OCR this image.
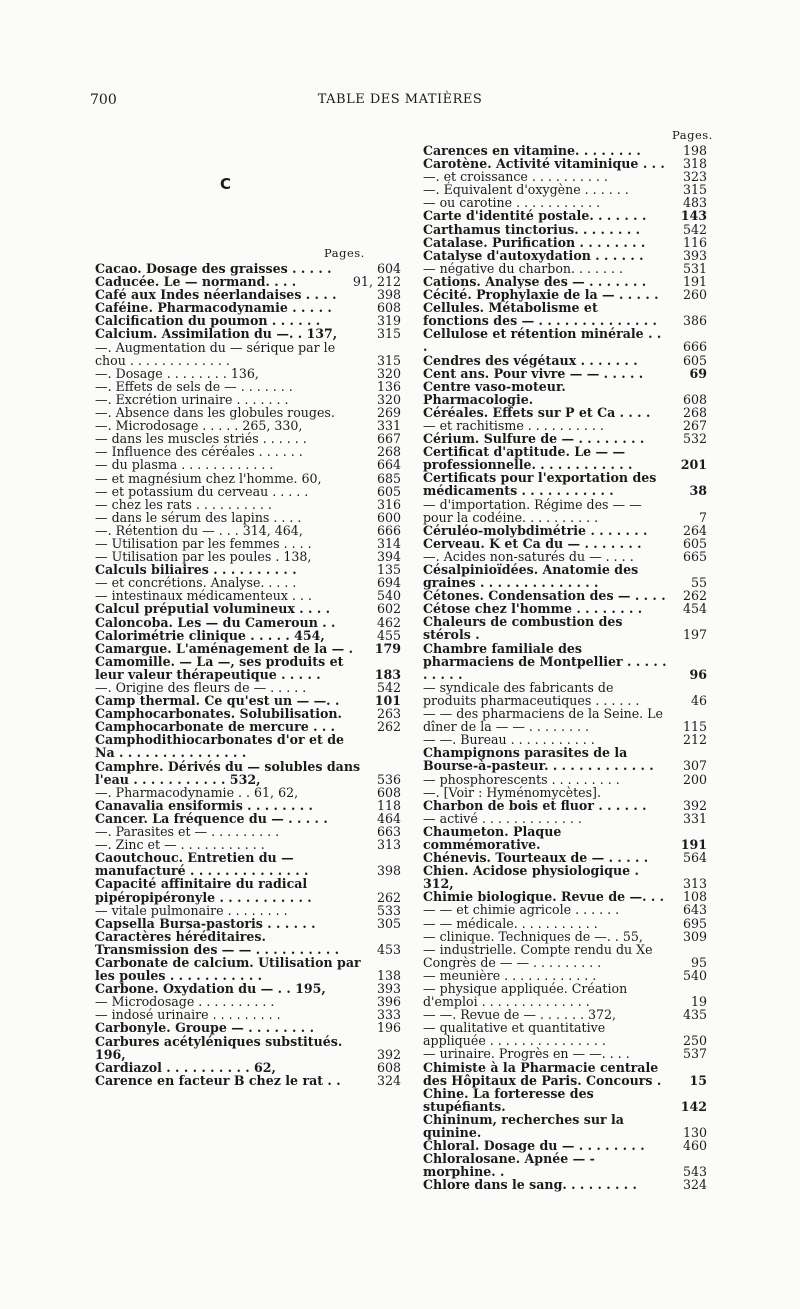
700	TABLE DES MATIÈRES
C
Pages.
Pages.
Cacao. Dosage des graisses . . . . .	604
Caducée. Le — normand. . . .	91, 212
Café aux Indes néerlandaises . . . .	398
Caféine. Pharmacodynamie . . . . .	608
Calcification du poumon . . . . . .	319
Calcium. Assimilation du —. . 137,	315
—. Augmentation du — sérique par le chou . . . . . . . . . . . . .	315
—. Dosage . . . . . . . . 136,	320
—. Effets de sels de — . . . . . . .	136
—. Excrétion urinaire . . . . . . .	320
—. Absence dans les globules rouges.	269
—. Microdosage . . . . . 265, 330,	331
— dans les muscles striés . . . . . .	667
— Influence des céréales . . . . . .	268
— du plasma . . . . . . . . . . . .	664
— et magnésium chez l'homme. 60,	685
— et potassium du cerveau . . . . .	605
— chez les rats . . . . . . . . . .	316
— dans le sérum des lapins . . . .	600
—. Rétention du — . . . 314, 464,	666
— Utilisation par les femmes . . . .	314
— Utilisation par les poules . 138,	394
Calculs biliaires . . . . . . . . . .	135
— et concrétions. Analyse. . . . .	694
— intestinaux médicamenteux . . .	540
Calcul préputial volumineux . . . .	602
Caloncoba. Les — du Cameroun . .	462
Calorimétrie clinique . . . . . 454,	455
Camargue. L'aménagement de la — .	179
Camomille. — La —, ses produits et leur valeur thérapeutique . . . . .	183
—. Origine des fleurs de — . . . . .	542
Camp thermal. Ce qu'est un — —. .	101
Camphocarbonates. Solubilisation.	263
Camphocarbonate de mercure . . .	262
Camphodithiocarbonates d'or et de Na . . . . . . . . . . . . . . .
Camphre. Dérivés du — solubles dans l'eau . . . . . . . . . . . 532,	536
—. Pharmacodynamie . . 61, 62,	608
Canavalia ensiformis . . . . . . . .	118
Cancer. La fréquence du — . . . . .	464
—. Parasites et — . . . . . . . . .	663
—. Zinc et — . . . . . . . . . . .	313
Caoutchouc. Entretien du — manufacturé . . . . . . . . . . . . . .	398
Capacité affinitaire du radical pipéropipéronyle . . . . . . . . . . .	262
— vitale pulmonaire . . . . . . . .	533
Capsella Bursa-pastoris . . . . . .	305
Caractères héréditaires. Transmission des — — . . . . . . . . . .	453
Carbonate de calcium. Utilisation par les poules . . . . . . . . . . .	138
Carbone. Oxydation du — . . 195,	393
— Microdosage . . . . . . . . . .	396
— indosé urinaire . . . . . . . . .	333
Carbonyle. Groupe — . . . . . . . .	196
Carbures acétyléniques substitués. 196,	392
Cardiazol . . . . . . . . . . 62,	608
Carence en facteur B chez le rat . .	324
Carences en vitamine. . . . . . . .	198
Carotène. Activité vitaminique . . . 318
—. et croissance . . . . . . . . . .	323
—. Équivalent d'oxygène . . . . . .	315
— ou carotine . . . . . . . . . . .	483
Carte d'identité postale. . . . . . .	143
Carthamus tinctorius. . . . . . . .	542
Catalase. Purification . . . . . . . .	116
Catalyse d'autoxydation . . . . . .	393
— négative du charbon. . . . . . .	531
Cations. Analyse des — . . . . . . .	191
Cécité. Prophylaxie de la — . . . . .	260
Cellules. Métabolisme et fonctions des — . . . . . . . . . . . . . .	386
Cellulose et rétention minérale . . .	666
Cendres des végétaux . . . . . . .	605
Cent ans. Pour vivre — — . . . . .	69
Centre vaso-moteur. Pharmacologie.	608
Céréales. Effets sur P et Ca . . . .	268
— et rachitisme . . . . . . . . . .	267
Cérium. Sulfure de — . . . . . . . .	532
Certificat d'aptitude. Le — — professionnelle. . . . . . . . . . . .	201
Certificats pour l'exportation des médicaments . . . . . . . . . . .	38
— d'importation. Régime des — — pour la codéine. . . . . . . . . .	7
Céruléo-molybdimétrie . . . . . . .	264
Cerveau. K et Ca du — . . . . . . .	605
—. Acides non-saturés du — . . . .	665
Césalpinioïdées. Anatomie des graines . . . . . . . . . . . . . .	55
Cétones. Condensation des — . . . . 262
Cétose chez l'homme . . . . . . . .	454
Chaleurs de combustion des stérols .	197
Chambre familiale des pharmaciens de Montpellier . . . . . . . . . .	96
— syndicale des fabricants de produits pharmaceutiques . . . . . .	46
— — des pharmaciens de la Seine. Le dîner de la — — . . . . . . . .	115
— —. Bureau . . . . . . . . . . .	212
Champignons parasites de la Bourse-à-pasteur. . . . . . . . . . . . .	307
— phosphorescents . . . . . . . . .	200
—. [Voir : Hyménomycètes].
Charbon de bois et fluor . . . . . .	392
— activé . . . . . . . . . . . . .	331
Chaumeton. Plaque commémorative.	191
Chénevis. Tourteaux de — . . . . .	564
Chien. Acidose physiologique . 312,	313
Chimie biologique. Revue de —. . . 108
— — et chimie agricole . . . . . .	643
— — médicale. . . . . . . . . . .	695
— clinique. Techniques de —. . 55,	309
— industrielle. Compte rendu du Xe Congrès de — — . . . . . . . . .	95
— meunière . . . . . . . . . . . .	540
— physique appliquée. Création d'emploi . . . . . . . . . . . . . .	19
— —. Revue de — . . . . . . 372,	435
— qualitative et quantitative appliquée . . . . . . . . . . . . . . .	250
— urinaire. Progrès en — —. . . .	537
Chimiste à la Pharmacie centrale des Hôpitaux de Paris. Concours .	15
Chine. La forteresse des stupéfiants.	142
Chininum, recherches sur la quinine.	130
Chloral. Dosage du — . . . . . . . .	460
Chloralosane. Apnée — -morphine. .	543
Chlore dans le sang. . . . . . . . .	324
